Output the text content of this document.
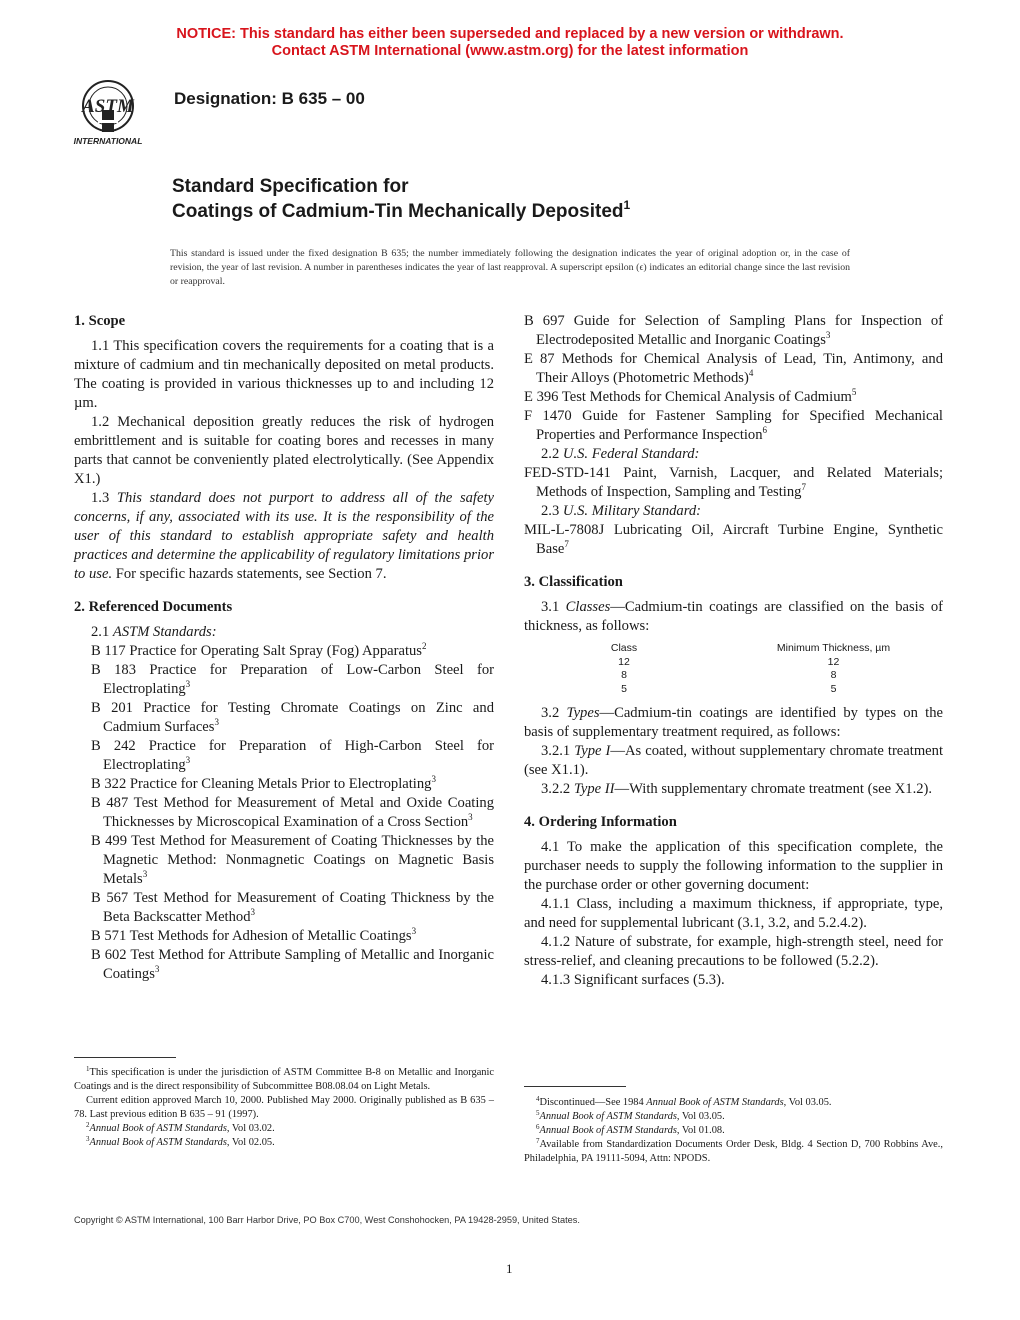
NOTICE: This standard has either been superseded and replaced by a new version or withdrawn.
Contact ASTM International (www.astm.org) for the latest information
ASTM
INTERNATIONAL
Designation: B 635 – 00
Standard Specification for
Coatings of Cadmium-Tin Mechanically Deposited$^1$
This standard is issued under the fixed designation B 635; the number immediately following the designation indicates the year of original adoption or, in the case of revision, the year of last revision. A number in parentheses indicates the year of last reapproval. A superscript epsilon (ϵ) indicates an editorial change since the last revision or reapproval.

1. Scope

1.1 This specification covers the requirements for a coating that is a mixture of cadmium and tin mechanically deposited on metal products. The coating is provided in various thicknesses up to and including 12 µm.

1.2 Mechanical deposition greatly reduces the risk of hydrogen embrittlement and is suitable for coating bores and recesses in many parts that cannot be conveniently plated electrolytically. (See Appendix X1.)

1.3 This standard does not purport to address all of the safety concerns, if any, associated with its use. It is the responsibility of the user of this standard to establish appropriate safety and health practices and determine the applicability of regulatory limitations prior to use. For specific hazards statements, see Section 7.

2. Referenced Documents

2.1 ASTM Standards:

B 117 Practice for Operating Salt Spray (Fog) Apparatus$^2$

B 183 Practice for Preparation of Low-Carbon Steel for Electroplating$^3$

B 201 Practice for Testing Chromate Coatings on Zinc and Cadmium Surfaces$^3$

B 242 Practice for Preparation of High-Carbon Steel for Electroplating$^3$

B 322 Practice for Cleaning Metals Prior to Electroplating$^3$

B 487 Test Method for Measurement of Metal and Oxide Coating Thicknesses by Microscopical Examination of a Cross Section$^3$

B 499 Test Method for Measurement of Coating Thicknesses by the Magnetic Method: Nonmagnetic Coatings on Magnetic Basis Metals$^3$

B 567 Test Method for Measurement of Coating Thickness by the Beta Backscatter Method$^3$

B 571 Test Methods for Adhesion of Metallic Coatings$^3$

B 602 Test Method for Attribute Sampling of Metallic and Inorganic Coatings$^3$

B 697 Guide for Selection of Sampling Plans for Inspection of Electrodeposited Metallic and Inorganic Coatings$^3$

E 87 Methods for Chemical Analysis of Lead, Tin, Antimony, and Their Alloys (Photometric Methods)$^4$

E 396 Test Methods for Chemical Analysis of Cadmium$^5$

F 1470 Guide for Fastener Sampling for Specified Mechanical Properties and Performance Inspection$^6$

2.2 U.S. Federal Standard:

FED-STD-141 Paint, Varnish, Lacquer, and Related Materials; Methods of Inspection, Sampling and Testing$^7$

2.3 U.S. Military Standard:

MIL-L-7808J Lubricating Oil, Aircraft Turbine Engine, Synthetic Base$^7$

3. Classification

3.1 Classes—Cadmium-tin coatings are classified on the basis of thickness, as follows:

Class	Minimum Thickness, µm
12	12
8	8
5	5

3.2 Types—Cadmium-tin coatings are identified by types on the basis of supplementary treatment required, as follows:

3.2.1 Type I—As coated, without supplementary chromate treatment (see X1.1).

3.2.2 Type II—With supplementary chromate treatment (see X1.2).

4. Ordering Information

4.1 To make the application of this specification complete, the purchaser needs to supply the following information to the supplier in the purchase order or other governing document:

4.1.1 Class, including a maximum thickness, if appropriate, type, and need for supplemental lubricant (3.1, 3.2, and 5.2.4.2).

4.1.2 Nature of substrate, for example, high-strength steel, need for stress-relief, and cleaning precautions to be followed (5.2.2).

4.1.3 Significant surfaces (5.3).

$^1$This specification is under the jurisdiction of ASTM Committee B-8 on Metallic and Inorganic Coatings and is the direct responsibility of Subcommittee B08.08.04 on Light Metals.

Current edition approved March 10, 2000. Published May 2000. Originally published as B 635 – 78. Last previous edition B 635 – 91 (1997).

$^2$Annual Book of ASTM Standards, Vol 03.02.

$^3$Annual Book of ASTM Standards, Vol 02.05.

$^4$Discontinued—See 1984 Annual Book of ASTM Standards, Vol 03.05.

$^5$Annual Book of ASTM Standards, Vol 03.05.

$^6$Annual Book of ASTM Standards, Vol 01.08.

$^7$Available from Standardization Documents Order Desk, Bldg. 4 Section D, 700 Robbins Ave., Philadelphia, PA 19111-5094, Attn: NPODS.

Copyright © ASTM International, 100 Barr Harbor Drive, PO Box C700, West Conshohocken, PA 19428-2959, United States.
1
